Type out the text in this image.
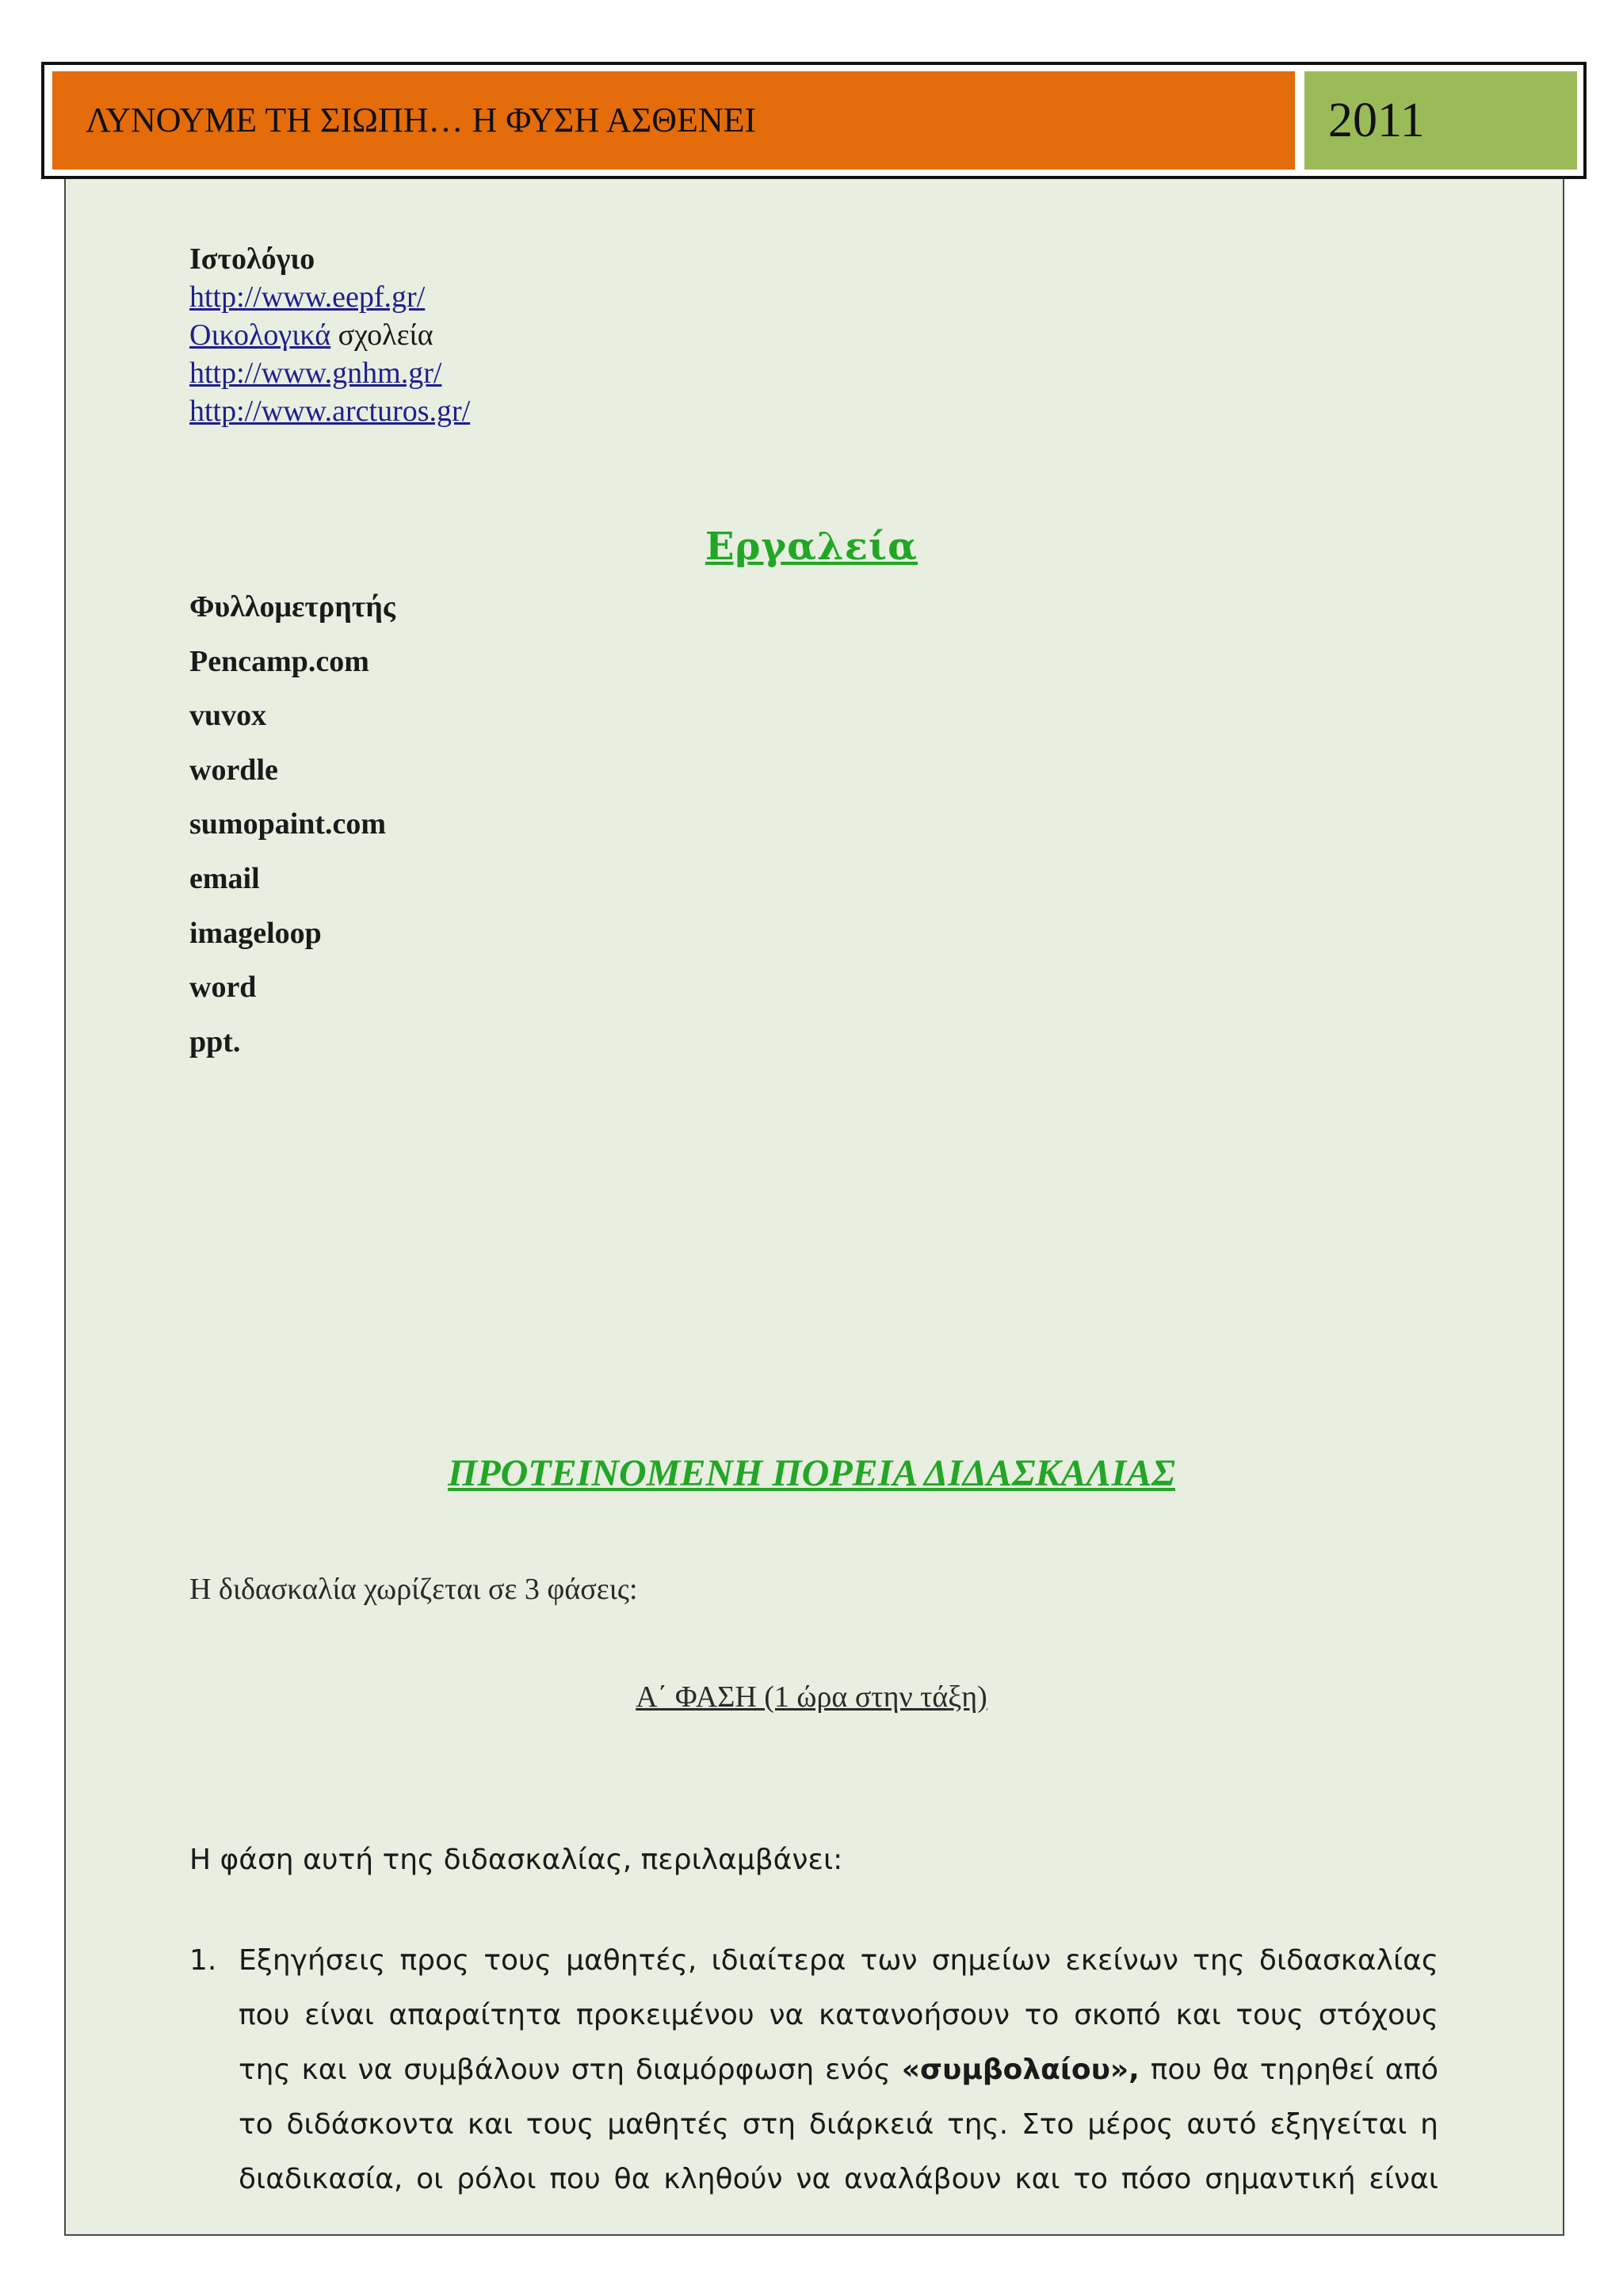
ΛΥΝΟΥΜΕ ΤΗ ΣΙΩΠΗ… Η ΦΥΣΗ ΑΣΘΕΝΕΙ	2011
Ιστολόγιο
http://www.eepf.gr/
Οικολογικά σχολεία
http://www.gnhm.gr/
http://www.arcturos.gr/
Εργαλεία
Φυλλομετρητής
Pencamp.com
vuvox
wordle
sumopaint.com
email
imageloop
word
ppt.
ΠΡΟΤΕΙΝΟΜΕΝΗ ΠΟΡΕΙΑ ΔΙΔΑΣΚΑΛΙΑΣ
Η διδασκαλία χωρίζεται σε 3 φάσεις:
Α΄ ΦΑΣΗ (1 ώρα στην τάξη)
Η φάση αυτή της διδασκαλίας, περιλαμβάνει:
1. Εξηγήσεις προς τους μαθητές, ιδιαίτερα των σημείων εκείνων της διδασκαλίας που είναι απαραίτητα προκειμένου να κατανοήσουν το σκοπό και τους στόχους της και να συμβάλουν στη διαμόρφωση ενός «συμβολαίου», που θα τηρηθεί από το διδάσκοντα και τους μαθητές στη διάρκειά της. Στο μέρος αυτό εξηγείται η διαδικασία, οι ρόλοι που θα κληθούν να αναλάβουν και το πόσο σημαντική είναι
